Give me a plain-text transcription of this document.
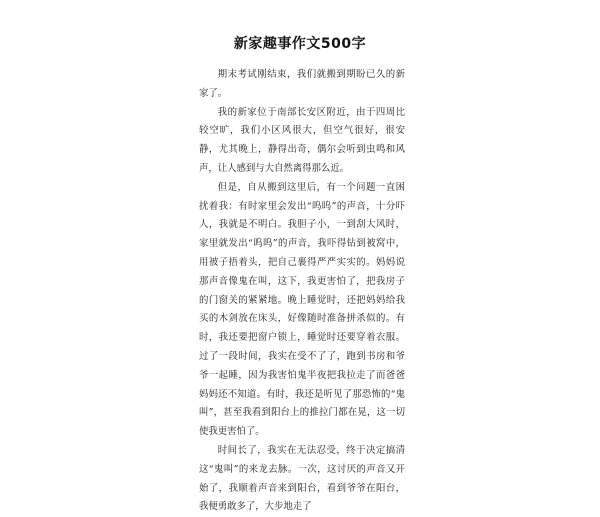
新家趣事作文500字

期末考试刚结束，我们就搬到期盼已久的新家了。

我的新家位于南部长安区附近，由于四周比较空旷，我们小区风很大，但空气很好，很安静，尤其晚上，静得出奇，偶尔会听到虫鸣和风声，让人感到与大自然离得那么近。

但是，自从搬到这里后，有一个问题一直困扰着我：有时家里会发出“呜呜”的声音，十分吓人，我就是不明白。我胆子小，一到刮大风时，家里就发出“呜呜”的声音，我吓得钻到被窝中，用被子捂着头，把自己裹得严严实实的。妈妈说那声音像鬼在叫，这下，我更害怕了，把我房子的门窗关的紧紧地。晚上睡觉时，还把妈妈给我买的木剑放在床头，好像随时准备拼杀似的。有时，我还要把窗户锁上，睡觉时还要穿着衣服。过了一段时间，我实在受不了了，跑到书房和爷爷一起睡，因为我害怕鬼半夜把我拉走了而爸爸妈妈还不知道。有时，我还是听见了那恐怖的“鬼叫”，甚至我看到阳台上的推拉门都在晃，这一切使我更害怕了。

时间长了，我实在无法忍受，终于决定搞清这“鬼叫”的来龙去脉。一次，这讨厌的声音又开始了，我顺着声音来到阳台，看到爷爷在阳台，我便勇敢多了，大步地走了
